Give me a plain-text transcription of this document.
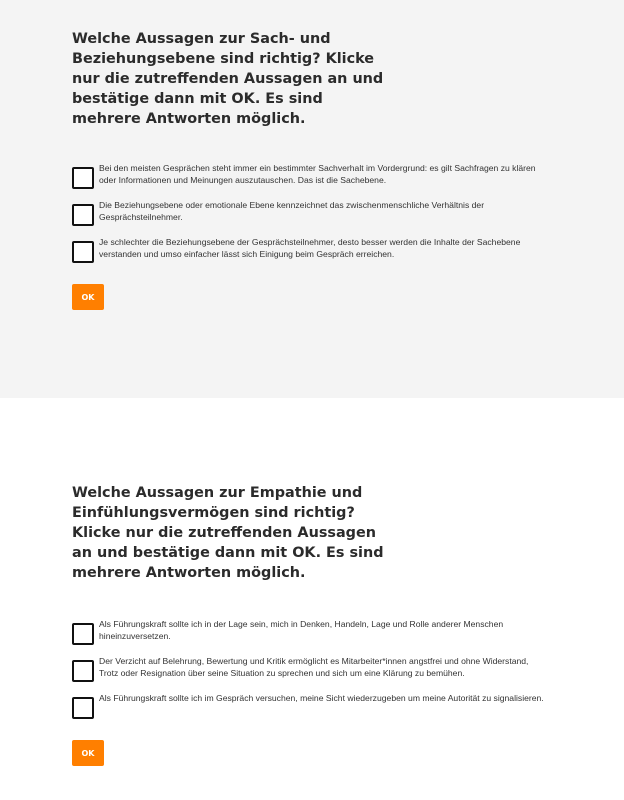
Welche Aussagen zur Sach- und Beziehungsebene sind richtig? Klicke nur die zutreffenden Aussagen an und bestätige dann mit OK. Es sind mehrere Antworten möglich.
Bei den meisten Gesprächen steht immer ein bestimmter Sachverhalt im Vordergrund: es gilt Sachfragen zu klären oder Informationen und Meinungen auszutauschen. Das ist die Sachebene.
Die Beziehungsebene oder emotionale Ebene kennzeichnet das zwischenmenschliche Verhältnis der Gesprächsteilnehmer.
Je schlechter die Beziehungsebene der Gesprächsteilnehmer, desto besser werden die Inhalte der Sachebene verstanden und umso einfacher lässt sich Einigung beim Gespräch erreichen.
OK
Welche Aussagen zur Empathie und Einfühlungsvermögen sind richtig? Klicke nur die zutreffenden Aussagen an und bestätige dann mit OK. Es sind mehrere Antworten möglich.
Als Führungskraft sollte ich in der Lage sein, mich in Denken, Handeln, Lage und Rolle anderer Menschen hineinzuversetzen.
Der Verzicht auf Belehrung, Bewertung und Kritik ermöglicht es Mitarbeiter*innen angstfrei und ohne Widerstand, Trotz oder Resignation über seine Situation zu sprechen und sich um eine Klärung zu bemühen.
Als Führungskraft sollte ich im Gespräch versuchen, meine Sicht wiederzugeben um meine Autorität zu signalisieren.
OK
